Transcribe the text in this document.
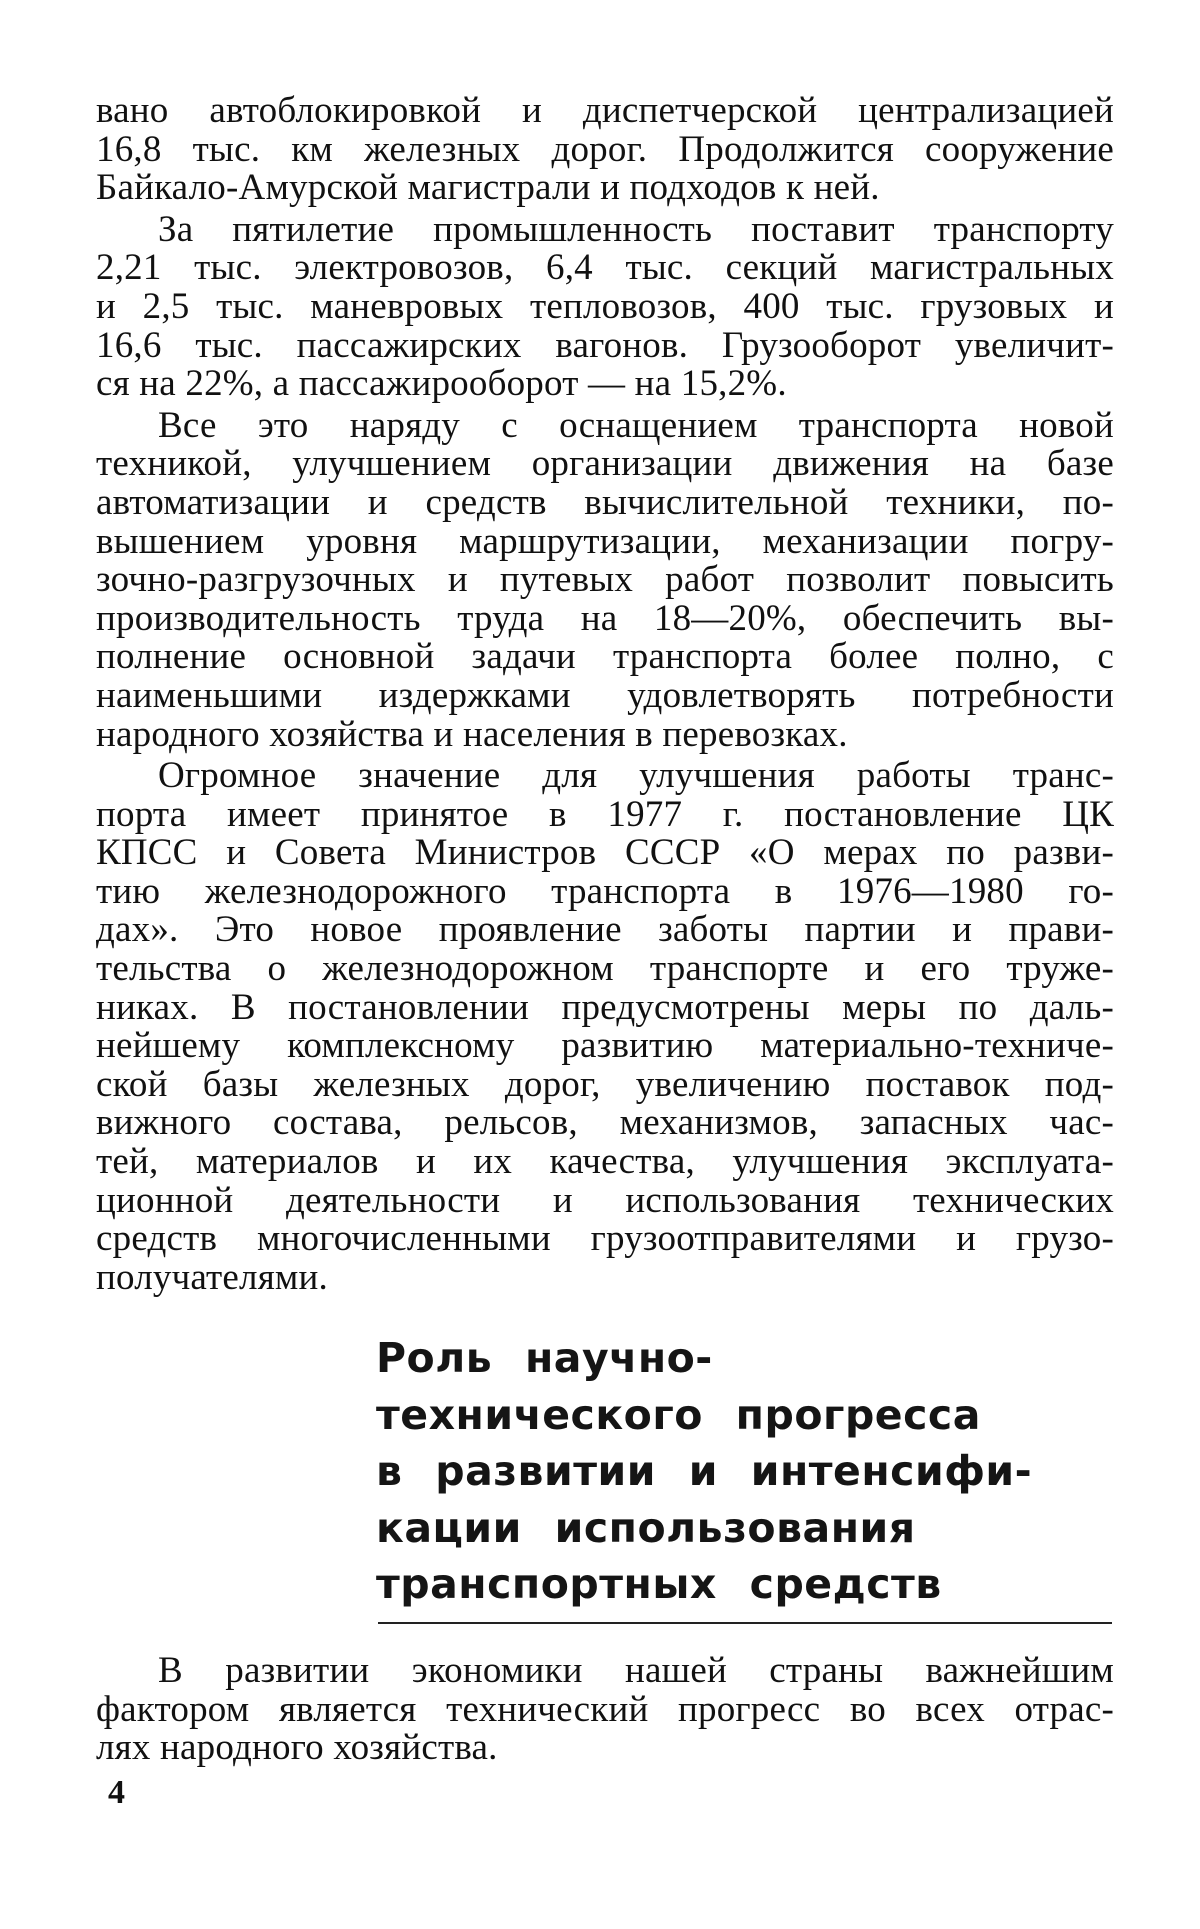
вано автоблокировкой и диспетчерской централизацией
16,8 тыс. км железных дорог. Продолжится сооружение
Байкало-Амурской магистрали и подходов к ней.
За пятилетие промышленность поставит транспорту
2,21 тыс. электровозов, 6,4 тыс. секций магистральных
и 2,5 тыс. маневровых тепловозов, 400 тыс. грузовых и
16,6 тыс. пассажирских вагонов. Грузооборот увеличит-
ся на 22%, а пассажирооборот — на 15,2%.
Все это наряду с оснащением транспорта новой
техникой, улучшением организации движения на базе
автоматизации и средств вычислительной техники, по-
вышением уровня маршрутизации, механизации погру-
зочно-разгрузочных и путевых работ позволит повысить
производительность труда на 18—20%, обеспечить вы-
полнение основной задачи транспорта более полно, с
наименьшими издержками удовлетворять потребности
народного хозяйства и населения в перевозках.
Огромное значение для улучшения работы транс-
порта имеет принятое в 1977 г. постановление ЦК
КПСС и Совета Министров СССР «О мерах по разви-
тию железнодорожного транспорта в 1976—1980 го-
дах». Это новое проявление заботы партии и прави-
тельства о железнодорожном транспорте и его труже-
никах. В постановлении предусмотрены меры по даль-
нейшему комплексному развитию материально-техниче-
ской базы железных дорог, увеличению поставок под-
вижного состава, рельсов, механизмов, запасных час-
тей, материалов и их качества, улучшения эксплуата-
ционной деятельности и использования технических
средств многочисленными грузоотправителями и грузо-
получателями.
Роль научно-
технического прогресса
в развитии и интенсифи-
кации использования
транспортных средств
В развитии экономики нашей страны важнейшим
фактором является технический прогресс во всех отрас-
лях народного хозяйства.
4
